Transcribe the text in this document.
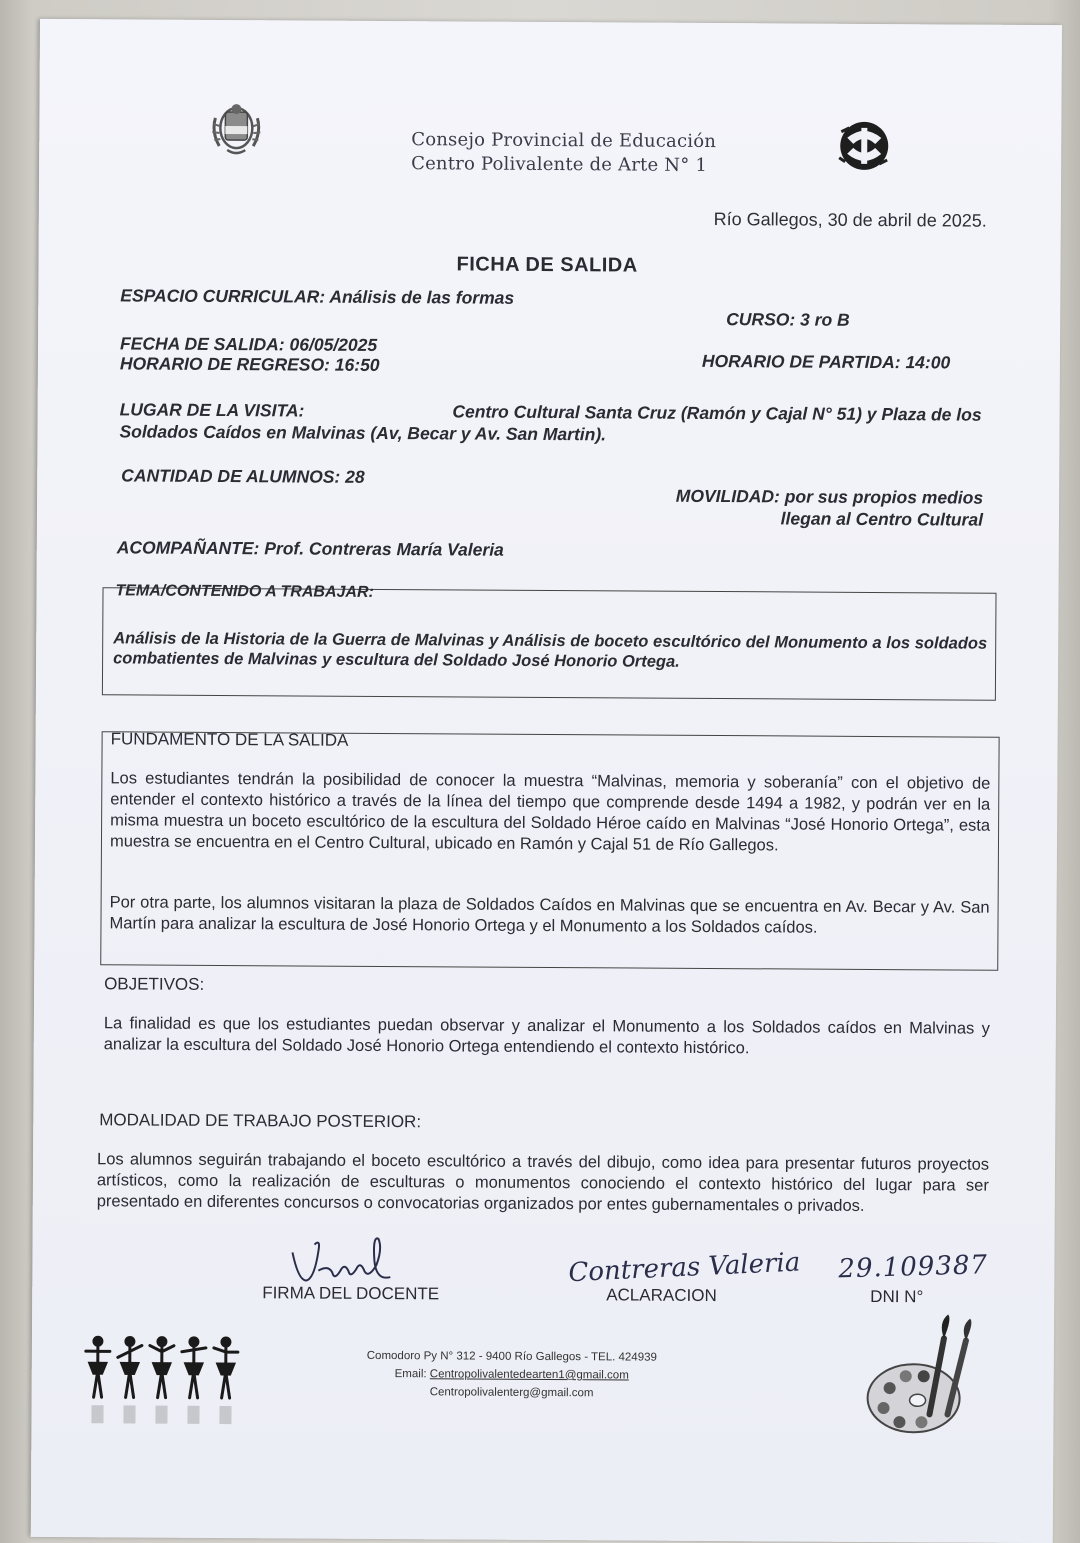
Consejo Provincial de Educación
Centro Polivalente de Arte N° 1
Río Gallegos, 30 de abril de 2025.
FICHA DE SALIDA
ESPACIO CURRICULAR: Análisis de las formas
CURSO: 3 ro B
FECHA DE SALIDA: 06/05/2025
HORARIO DE REGRESO: 16:50	HORARIO DE PARTIDA: 14:00
LUGAR DE LA VISITA:	Centro Cultural Santa Cruz (Ramón y Cajal N° 51) y Plaza de los
Soldados Caídos en Malvinas (Av, Becar y Av. San Martin).
CANTIDAD DE ALUMNOS: 28
MOVILIDAD: por sus propios medios
llegan al Centro Cultural
ACOMPAÑANTE: Prof. Contreras María Valeria
TEMA/CONTENIDO A TRABAJAR:
Análisis de la Historia de la Guerra de Malvinas y Análisis de boceto escultórico del Monumento a los soldados combatientes de Malvinas y escultura del Soldado José Honorio Ortega.
FUNDAMENTO DE LA SALIDA
Los estudiantes tendrán la posibilidad de conocer la muestra “Malvinas, memoria y soberanía” con el objetivo de entender el contexto histórico a través de la línea del tiempo que comprende desde 1494 a 1982, y podrán ver en la misma muestra un boceto escultórico de la escultura del Soldado Héroe caído en Malvinas “José Honorio Ortega”, esta muestra se encuentra en el Centro Cultural, ubicado en Ramón y Cajal 51 de Río Gallegos.
Por otra parte, los alumnos visitaran la plaza de Soldados Caídos en Malvinas que se encuentra en Av. Becar y Av. San Martín para analizar la escultura de José Honorio Ortega y el Monumento a los Soldados caídos.
OBJETIVOS:
La finalidad es que los estudiantes puedan observar y analizar el Monumento a los Soldados caídos en Malvinas y analizar la escultura del Soldado José Honorio Ortega entendiendo el contexto histórico.
MODALIDAD DE TRABAJO POSTERIOR:
Los alumnos seguirán trabajando el boceto escultórico a través del dibujo, como idea para presentar futuros proyectos artísticos, como la realización de esculturas o monumentos conociendo el contexto histórico del lugar para ser presentado en diferentes concursos o convocatorias organizados por entes gubernamentales o privados.
Contreras Valeria 29.109387
FIRMA DEL DOCENTE	ACLARACION	DNI N°
Comodoro Py N° 312 - 9400 Río Gallegos - TEL. 424939
Email: Centropolivalentedearten1@gmail.com
Centropolivalenterg@gmail.com
